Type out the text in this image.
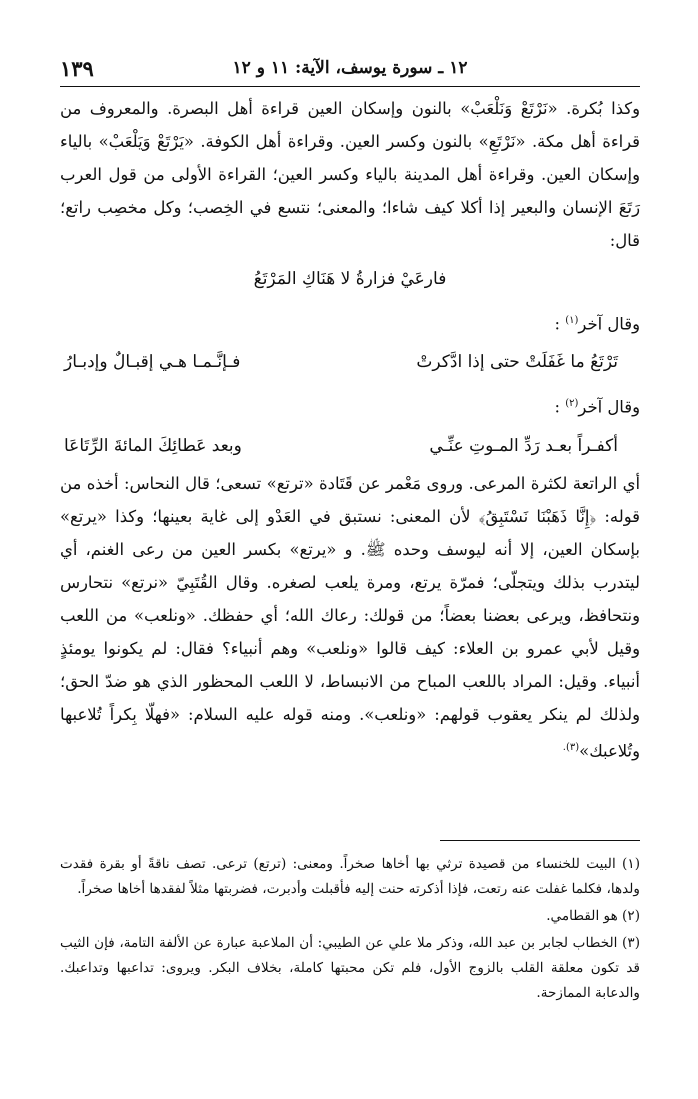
١٢ ـ سورة يوسف، الآية: ١١ و ١٢
١٣٩

وكذا بُكرة. «نَرْتَعْ وَنَلْعَبْ» بالنون وإسكان العين قراءة أهل البصرة. والمعروف من قراءة أهل مكة. «نَرْتَعِ» بالنون وكسر العين. وقراءة أهل الكوفة. «يَرْتَعْ وَيَلْعَبْ» بالياء وإسكان العين. وقراءة أهل المدينة بالياء وكسر العين؛ القراءة الأولى من قول العرب رَتَعَ الإنسان والبعير إذا أكلا كيف شاءا؛ والمعنى؛ نتسع في الخِصب؛ وكل مخصِب راتع؛ قال:

فارعَيْ فزارةُ لا هَنَاكِ المَرْتَعُ
وقال آخر$^{(١)}$ :
تَرْتَعُ ما غَفَلَتْ حتى إذا ادَّكرتْ
فـإنَّـمـا هـي إقبـالٌ وإدبـارُ
وقال آخر$^{(٢)}$ :
أكفـراً بعـد رَدِّ المـوتِ عنِّـي
وبعد عَطائِكَ المائةَ الرِّتَاعَا

أي الراتعة لكثرة المرعى. وروى مَعْمر عن قَتَادة «ترتع» تسعى؛ قال النحاس: أخذه من قوله: ﴿إِنَّا ذَهَبْنَا نَسْتَبِقُ﴾ لأن المعنى: نستبق في العَدْو إلى غاية بعينها؛ وكذا «يرتع» بإسكان العين، إلا أنه ليوسف وحده ﷺ. و «يرتع» بكسر العين من رعى الغنم، أي ليتدرب بذلك ويتجلّى؛ فمرّة يرتع، ومرة يلعب لصغره. وقال القُتَبِيّ «نرتع» نتحارس ونتحافظ، ويرعى بعضنا بعضاً؛ من قولك: رعاك الله؛ أي حفظك. «ونلعب» من اللعب وقيل لأبي عمرو بن العلاء: كيف قالوا «ونلعب» وهم أنبياء؟ فقال: لم يكونوا يومئذٍ أنبياء. وقيل: المراد باللعب المباح من الانبساط، لا اللعب المحظور الذي هو ضدّ الحق؛ ولذلك لم ينكر يعقوب قولهم: «ونلعب». ومنه قوله عليه السلام: «فهلّا بِكراً تُلاعبها وتُلاعبك»$^{(٣).}$

(١) البيت للخنساء من قصيدة ترثي بها أخاها صخراً. ومعنى: (ترتع) ترعى. تصف ناقةً أو بقرة فقدت ولدها، فكلما غفلت عنه رتعت، فإذا أذكرته حنت إليه فأقبلت وأدبرت، فضربتها مثلاً لفقدها أخاها صخراً.

(٢) هو القطامي.

(٣) الخطاب لجابر بن عبد الله، وذكر ملا علي عن الطيبي: أن الملاعبة عبارة عن الألفة التامة، فإن الثيب قد تكون معلقة القلب بالزوج الأول، فلم تكن محبتها كاملة، بخلاف البكر. ويروى: تداعبها وتداعبك. والدعابة الممازحة.
